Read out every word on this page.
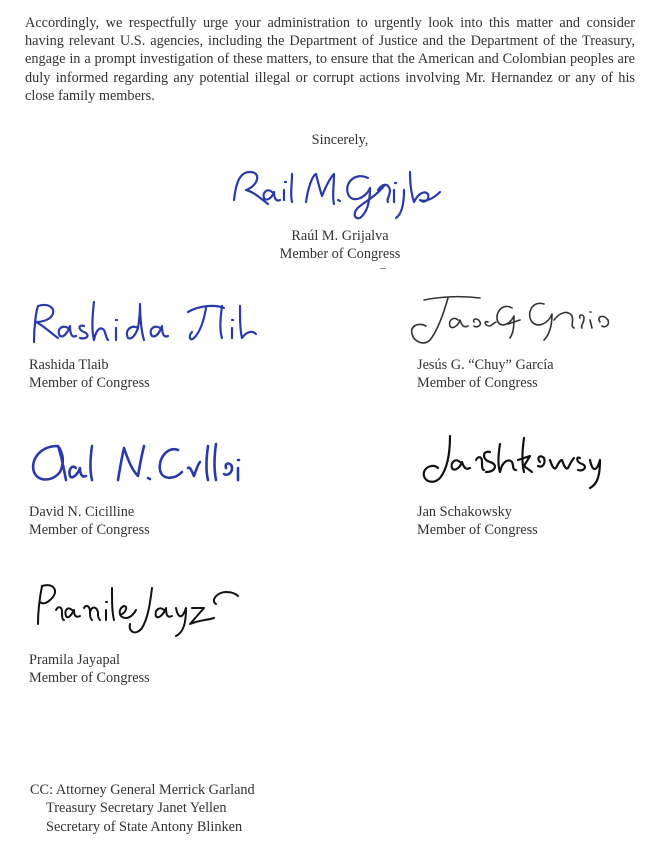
Accordingly, we respectfully urge your administration to urgently look into this matter and consider having relevant U.S. agencies, including the Department of Justice and the Department of the Treasury, engage in a prompt investigation of these matters, to ensure that the American and Colombian peoples are duly informed regarding any potential illegal or corrupt actions involving Mr. Hernandez or any of his close family members.

Sincerely,
Raúl M. Grijalva
Member of Congress
Rashida Tlaib
Member of Congress
Jesús G. “Chuy” García
Member of Congress
David N. Cicilline
Member of Congress
Jan Schakowsky
Member of Congress
Pramila Jayapal
Member of Congress
CC: Attorney General Merrick Garland
Treasury Secretary Janet Yellen
Secretary of State Antony Blinken
